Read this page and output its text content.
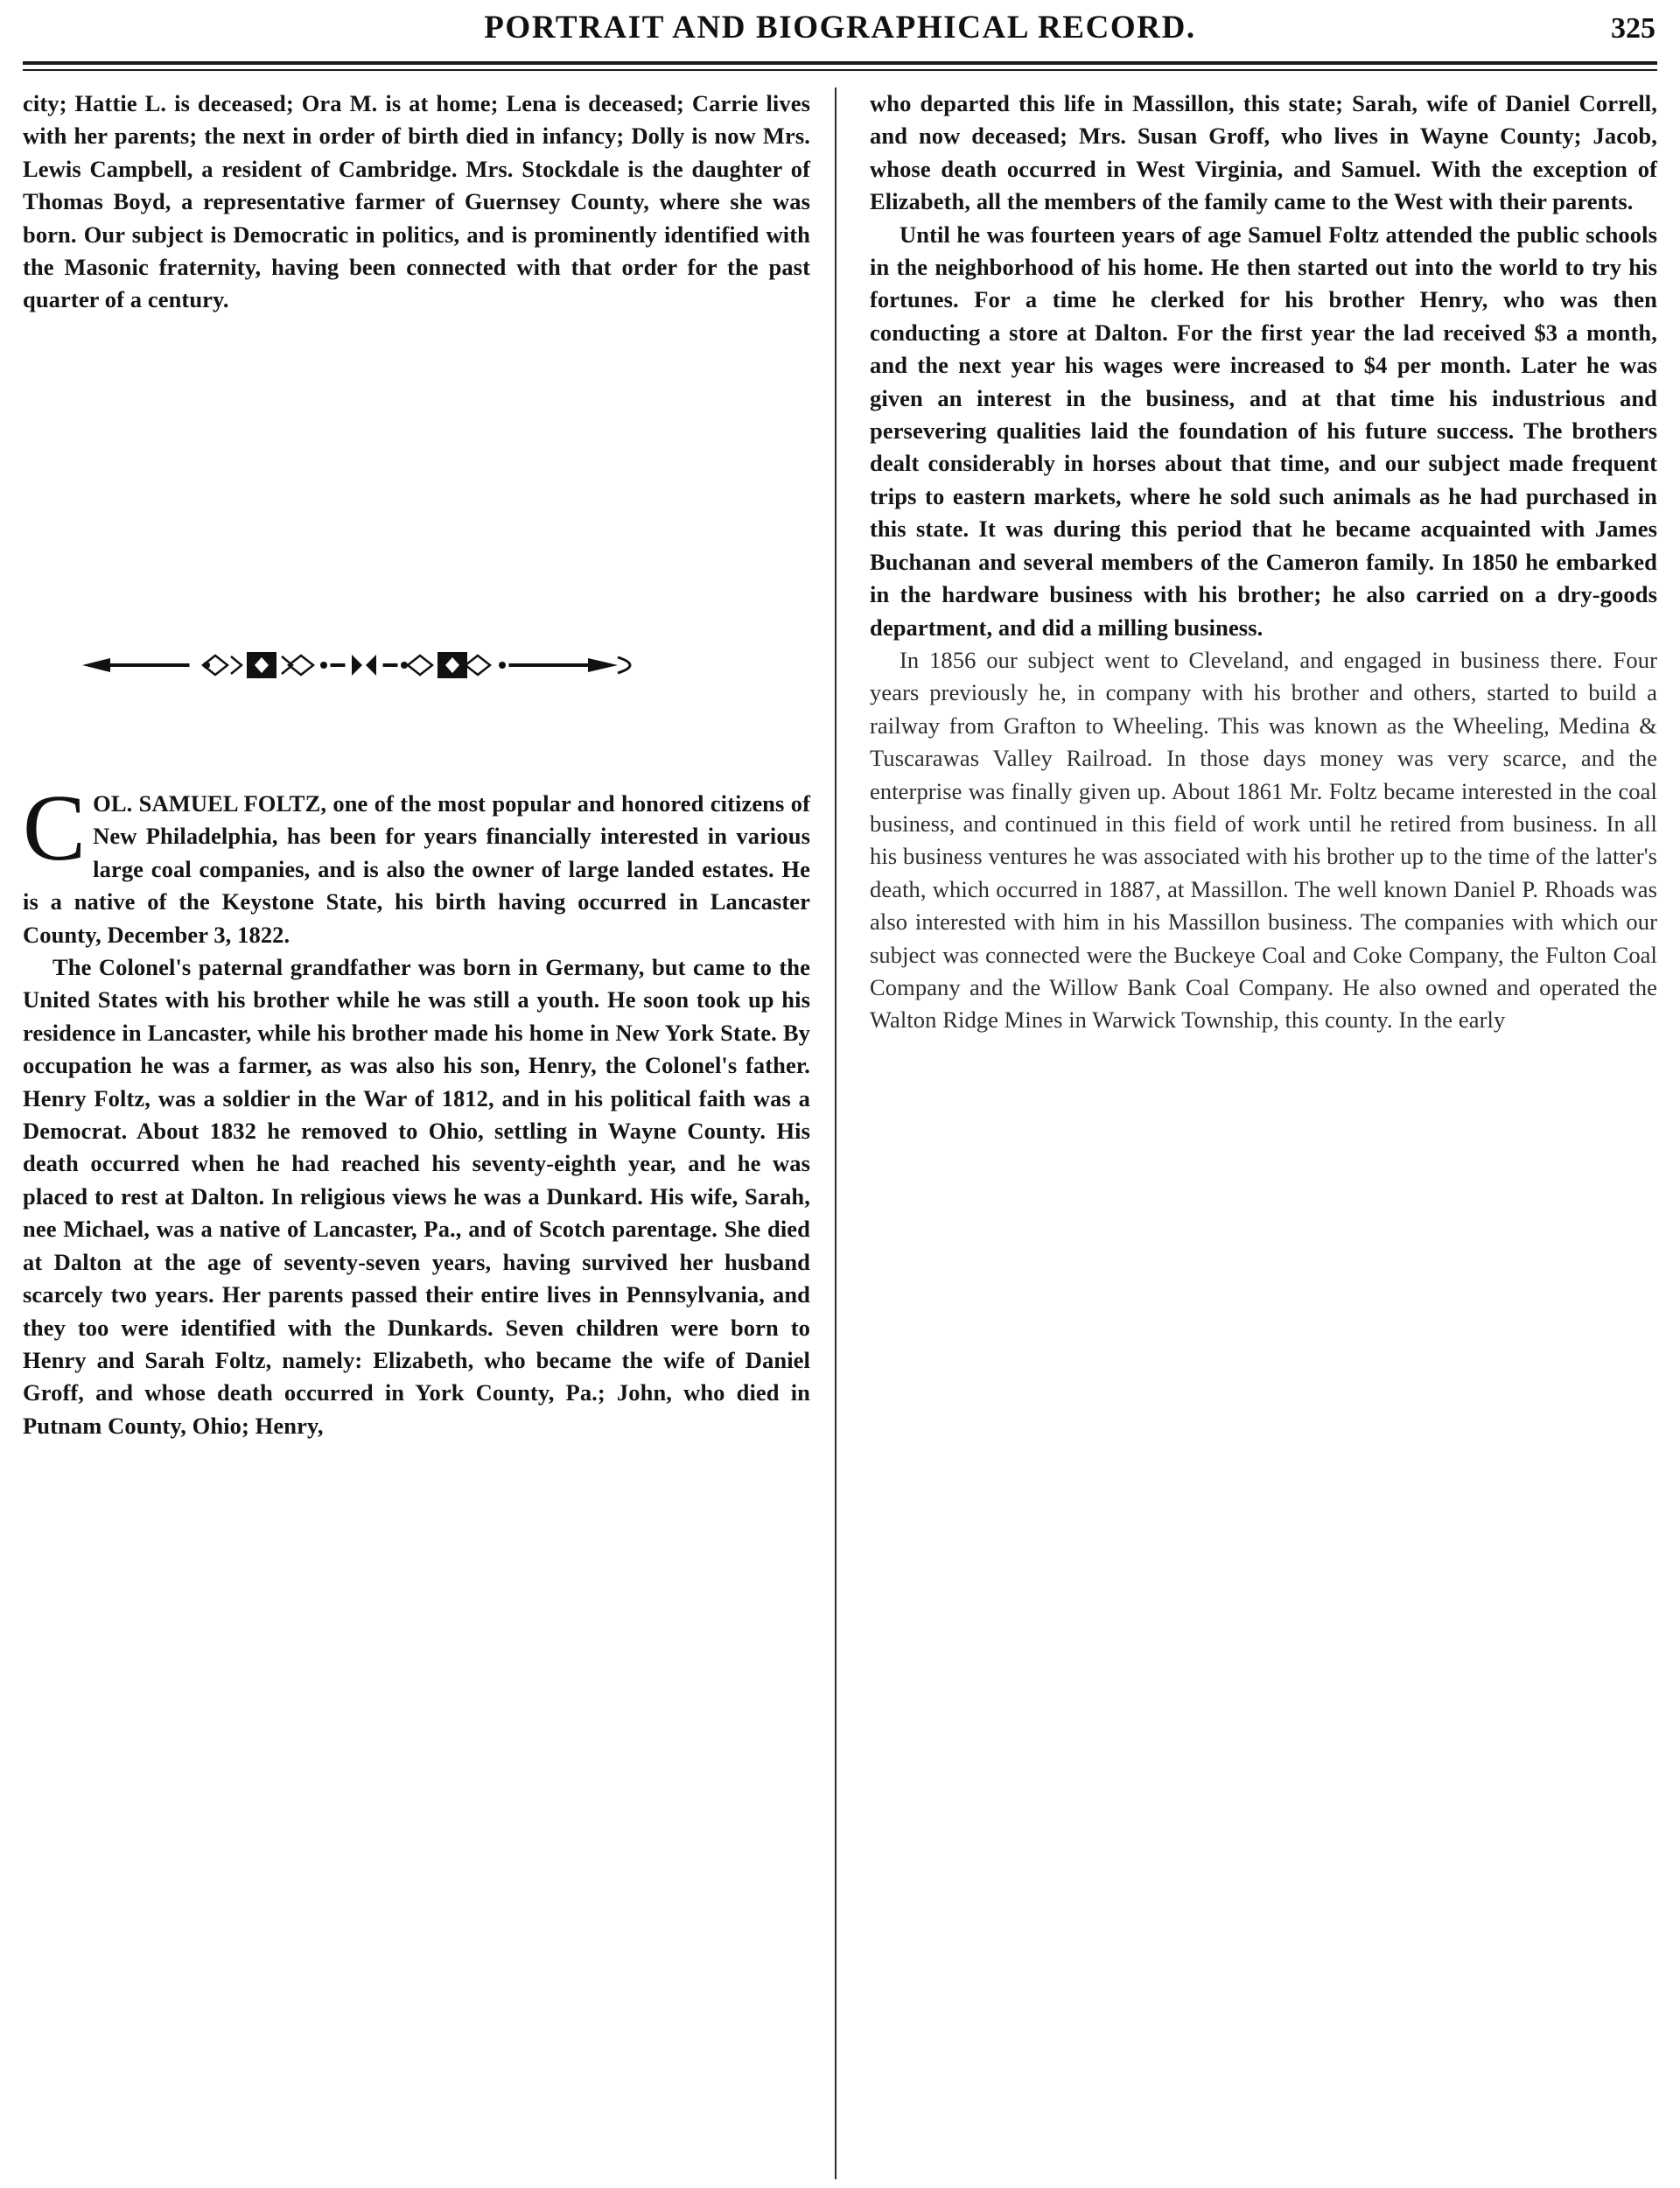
PORTRAIT AND BIOGRAPHICAL RECORD.	325

city; Hattie L. is deceased; Ora M. is at home; Lena is deceased; Carrie lives with her parents; the next in order of birth died in infancy; Dolly is now Mrs. Lewis Campbell, a resident of Cambridge. Mrs. Stockdale is the daughter of Thomas Boyd, a representative farmer of Guernsey County, where she was born. Our subject is Democratic in politics, and is prominently identified with the Masonic fraternity, having been connected with that order for the past quarter of a century.

COL. SAMUEL FOLTZ, one of the most popular and honored citizens of New Philadelphia, has been for years financially interested in various large coal companies, and is also the owner of large landed estates. He is a native of the Keystone State, his birth having occurred in Lancaster County, December 3, 1822.

The Colonel's paternal grandfather was born in Germany, but came to the United States with his brother while he was still a youth. He soon took up his residence in Lancaster, while his brother made his home in New York State. By occupation he was a farmer, as was also his son, Henry, the Colonel's father. Henry Foltz, was a soldier in the War of 1812, and in his political faith was a Democrat. About 1832 he removed to Ohio, settling in Wayne County. His death occurred when he had reached his seventy-eighth year, and he was placed to rest at Dalton. In religious views he was a Dunkard. His wife, Sarah, nee Michael, was a native of Lancaster, Pa., and of Scotch parentage. She died at Dalton at the age of seventy-seven years, having survived her husband scarcely two years. Her parents passed their entire lives in Pennsylvania, and they too were identified with the Dunkards. Seven children were born to Henry and Sarah Foltz, namely: Elizabeth, who became the wife of Daniel Groff, and whose death occurred in York County, Pa.; John, who died in Putnam County, Ohio; Henry,

who departed this life in Massillon, this state; Sarah, wife of Daniel Correll, and now deceased; Mrs. Susan Groff, who lives in Wayne County; Jacob, whose death occurred in West Virginia, and Samuel. With the exception of Elizabeth, all the members of the family came to the West with their parents.

Until he was fourteen years of age Samuel Foltz attended the public schools in the neighborhood of his home. He then started out into the world to try his fortunes. For a time he clerked for his brother Henry, who was then conducting a store at Dalton. For the first year the lad received $3 a month, and the next year his wages were increased to $4 per month. Later he was given an interest in the business, and at that time his industrious and persevering qualities laid the foundation of his future success. The brothers dealt considerably in horses about that time, and our subject made frequent trips to eastern markets, where he sold such animals as he had purchased in this state. It was during this period that he became acquainted with James Buchanan and several members of the Cameron family. In 1850 he embarked in the hardware business with his brother; he also carried on a dry-goods department, and did a milling business.

In 1856 our subject went to Cleveland, and engaged in business there. Four years previously he, in company with his brother and others, started to build a railway from Grafton to Wheeling. This was known as the Wheeling, Medina & Tuscarawas Valley Railroad. In those days money was very scarce, and the enterprise was finally given up. About 1861 Mr. Foltz became interested in the coal business, and continued in this field of work until he retired from business. In all his business ventures he was associated with his brother up to the time of the latter's death, which occurred in 1887, at Massillon. The well known Daniel P. Rhoads was also interested with him in his Massillon business. The companies with which our subject was connected were the Buckeye Coal and Coke Company, the Fulton Coal Company and the Willow Bank Coal Company. He also owned and operated the Walton Ridge Mines in Warwick Township, this county. In the early
